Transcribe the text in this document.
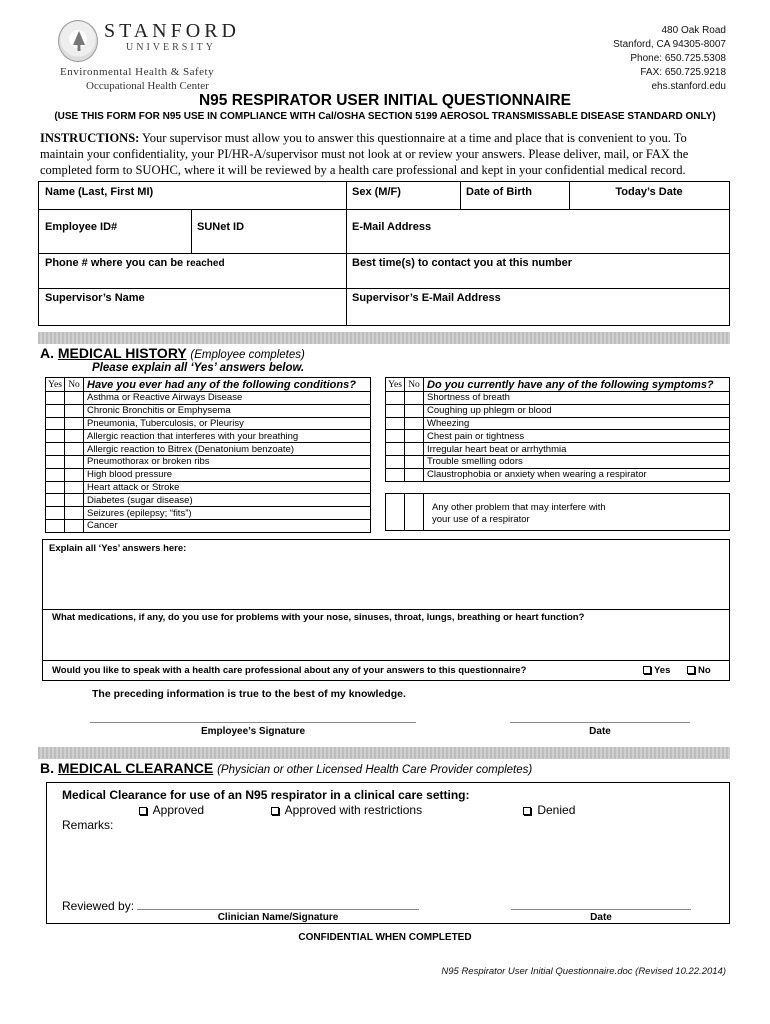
STANFORD
UNIVERSITY
Environmental Health & Safety
Occupational Health Center
480 Oak Road
Stanford, CA 94305-8007
Phone: 650.725.5308
FAX: 650.725.9218
ehs.stanford.edu
N95 RESPIRATOR USER INITIAL QUESTIONNAIRE
(USE THIS FORM FOR N95 USE IN COMPLIANCE WITH Cal/OSHA SECTION 5199 AEROSOL TRANSMISSABLE DISEASE STANDARD ONLY)
INSTRUCTIONS: Your supervisor must allow you to answer this questionnaire at a time and place that is convenient to you. To maintain your confidentiality, your PI/HR-A/supervisor must not look at or review your answers. Please deliver, mail, or FAX the completed form to SUOHC, where it will be reviewed by a health care professional and kept in your confidential medical record.
Name (Last, First MI)	Sex (M/F)	Date of Birth	Today’s Date
Employee ID#	SUNet ID	E-Mail Address
Phone # where you can be reached	Best time(s) to contact you at this number
Supervisor’s Name	Supervisor’s E-Mail Address
A. MEDICAL HISTORY (Employee completes)
Please explain all ‘Yes’ answers below.
Yes	No	Have you ever had any of the following conditions?
		Asthma or Reactive Airways Disease
		Chronic Bronchitis or Emphysema
		Pneumonia, Tuberculosis, or Pleurisy
		Allergic reaction that interferes with your breathing
		Allergic reaction to Bitrex (Denatonium benzoate)
		Pneumothorax or broken ribs
		High blood pressure
		Heart attack or Stroke
		Diabetes (sugar disease)
		Seizures (epilepsy; “fits”)
		Cancer
Yes	No	Do you currently have any of the following symptoms?
		Shortness of breath
		Coughing up phlegm or blood
		Wheezing
		Chest pain or tightness
		Irregular heart beat or arrhythmia
		Trouble smelling odors
		Claustrophobia or anxiety when wearing a respirator
Any other problem that may interfere with
your use of a respirator
Explain all ‘Yes’ answers here:
What medications, if any, do you use for problems with your nose, sinuses, throat, lungs, breathing or heart function?
Would you like to speak with a health care professional about any of your answers to this questionnaire?	Yes	No
The preceding information is true to the best of my knowledge.
Employee’s Signature	Date
B. MEDICAL CLEARANCE (Physician or other Licensed Health Care Provider completes)
Medical Clearance for use of an N95 respirator in a clinical care setting:
Approved	Approved with restrictions	Denied
Remarks:
Reviewed by:
Clinician Name/Signature	Date
CONFIDENTIAL WHEN COMPLETED
N95 Respirator User Initial Questionnaire.doc (Revised 10.22.2014)
